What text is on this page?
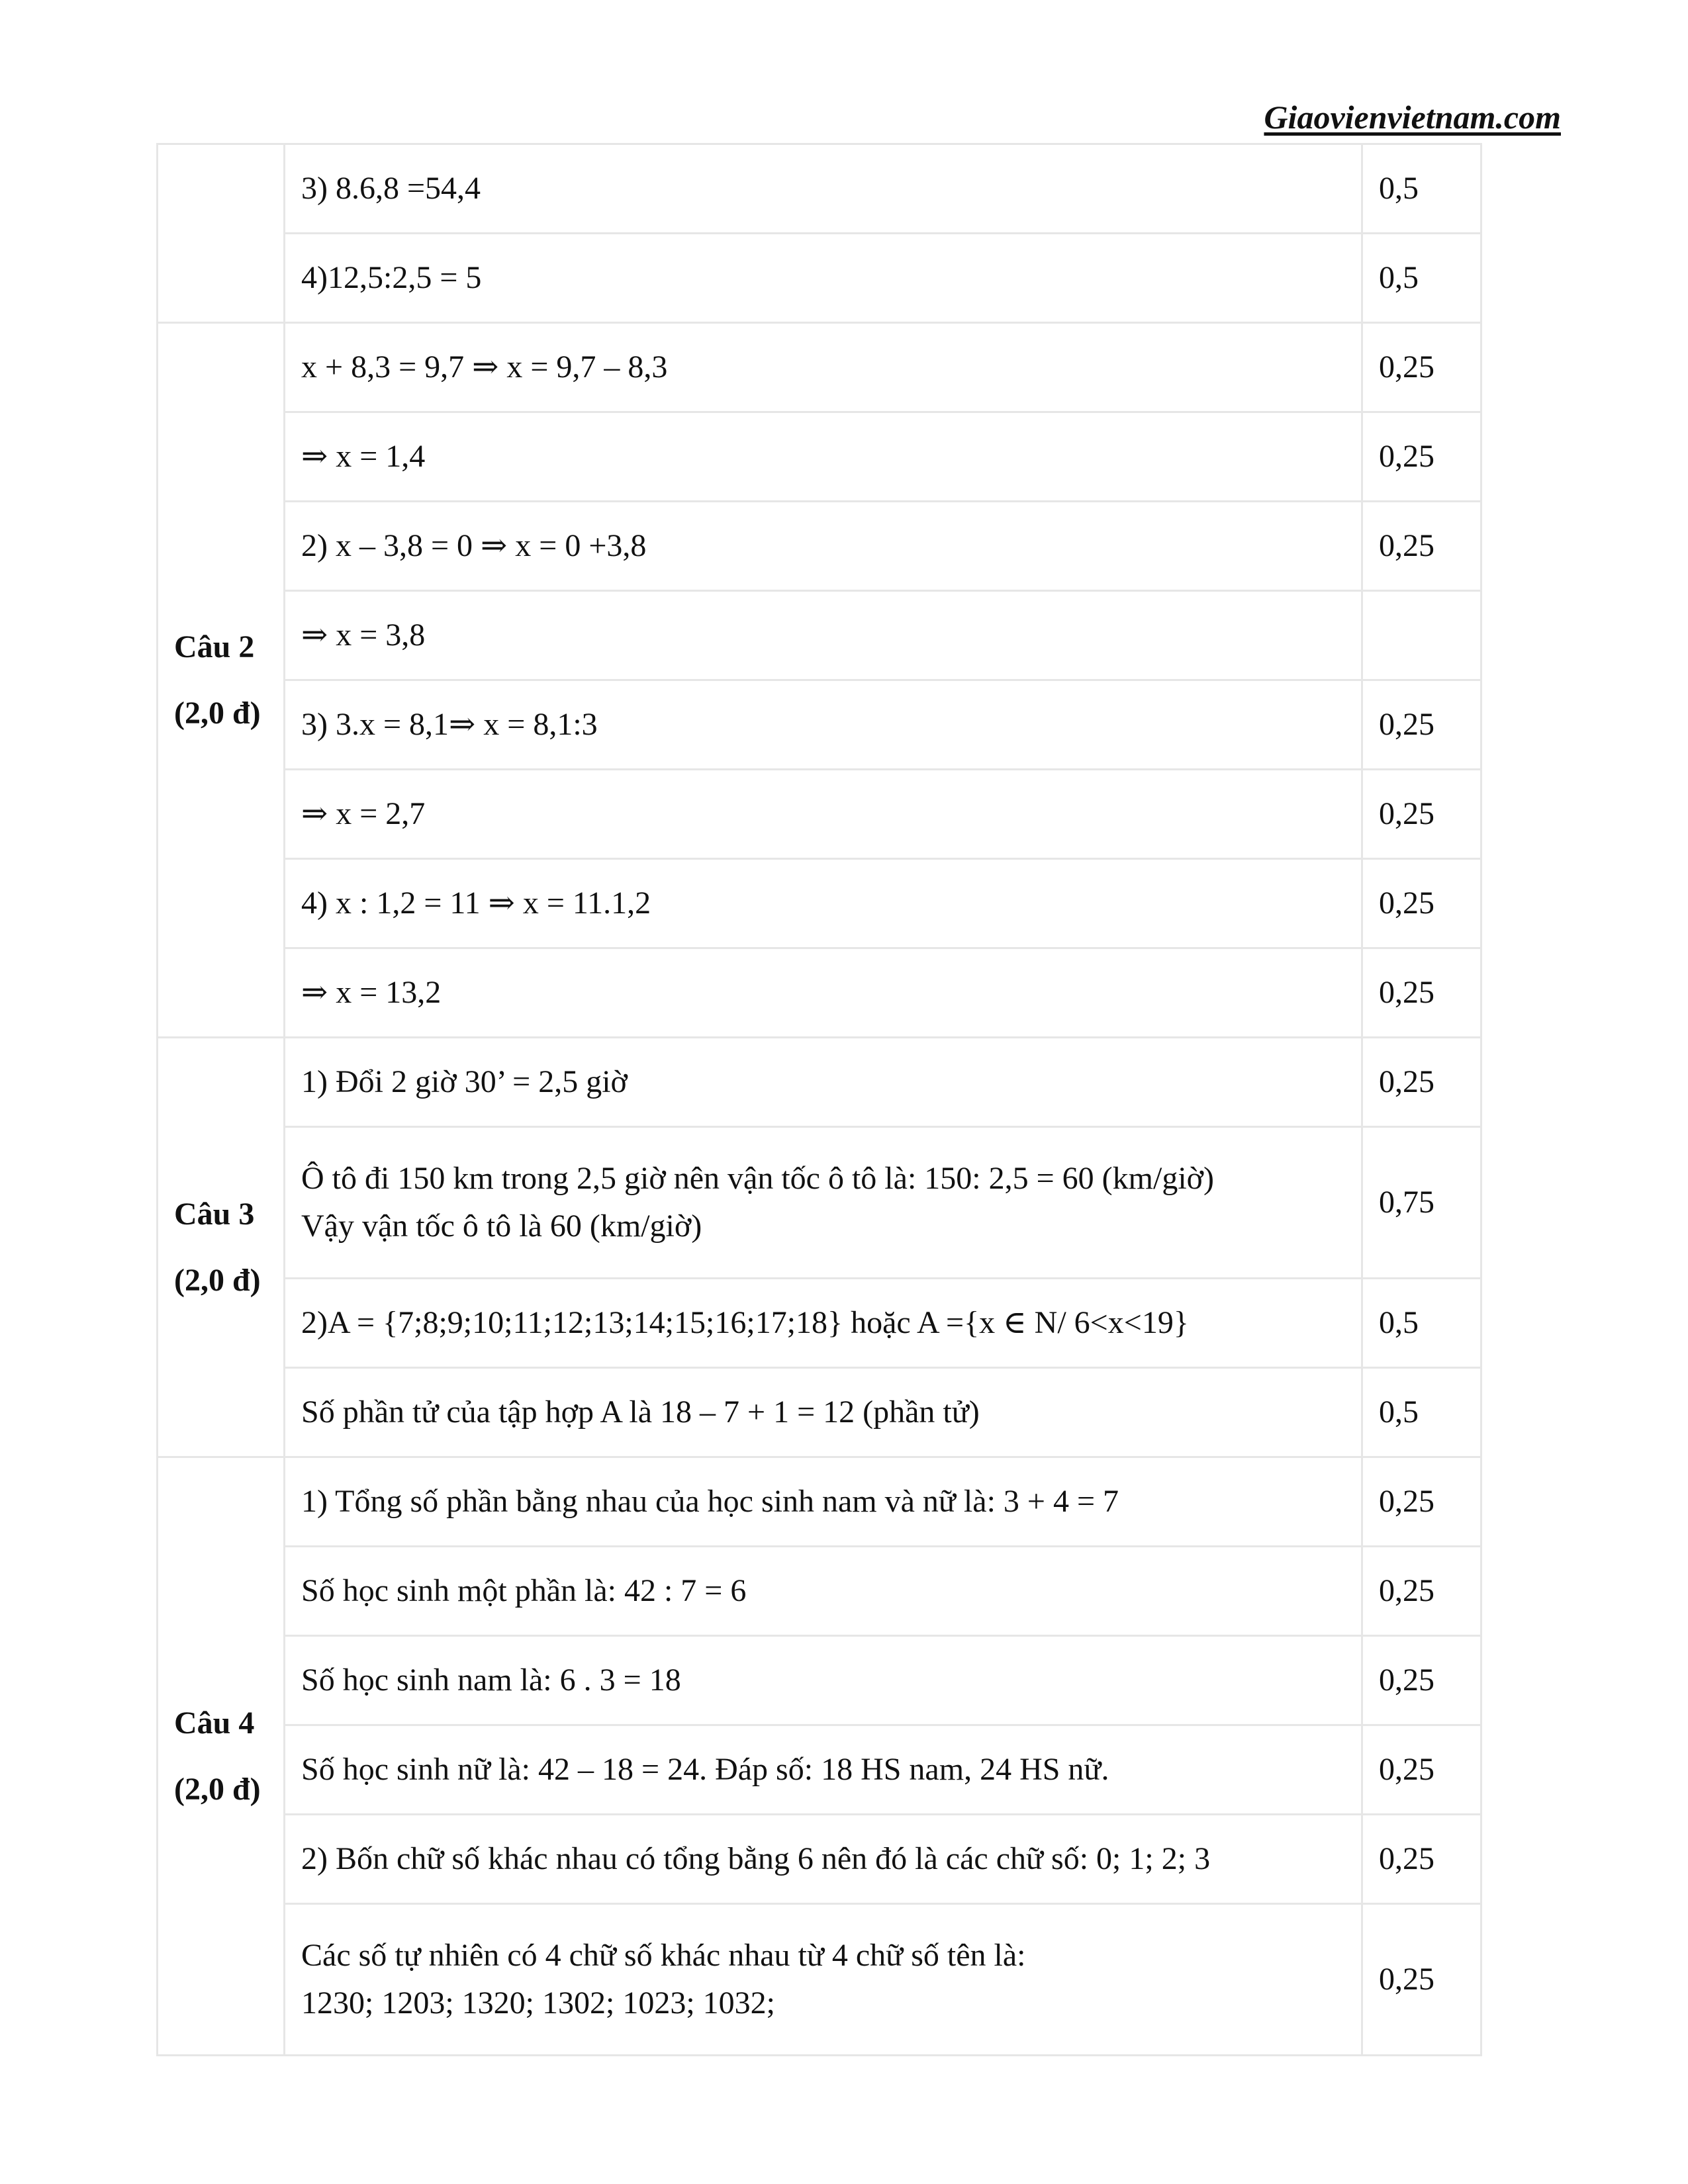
Giaovienvietnam.com

	3) 8.6,8 =54,4	0,5

	4)12,5:2,5 = 5	0,5

Câu 2
(2,0 đ)	x + 8,3 = 9,7 ⇒ x = 9,7 – 8,3	0,25

	⇒ x = 1,4	0,25

	2) x – 3,8 = 0 ⇒ x = 0 +3,8	0,25

	⇒ x = 3,8	

	3) 3.x = 8,1⇒ x = 8,1:3	0,25

	⇒ x = 2,7	0,25

	4) x : 1,2 = 11 ⇒ x = 11.1,2	0,25

	⇒ x = 13,2	0,25

Câu 3
(2,0 đ)	1) Đổi 2 giờ 30’ = 2,5 giờ	0,25

	Ô tô đi 150 km trong 2,5 giờ nên vận tốc ô tô là: 150: 2,5 = 60 (km/giờ)
Vậy vận tốc ô tô là 60 (km/giờ)	0,75

	2)A = {7;8;9;10;11;12;13;14;15;16;17;18} hoặc A ={x ∈ N/ 6<x<19}	0,5

	Số phần tử của tập hợp A là 18 – 7 + 1 = 12 (phần tử)	0,5

Câu 4
(2,0 đ)	1) Tổng số phần bằng nhau của học sinh nam và nữ là: 3 + 4 = 7	0,25

	Số học sinh một phần là: 42 : 7 = 6	0,25

	Số học sinh nam là: 6 . 3 = 18	0,25

	Số học sinh nữ là: 42 – 18 = 24. Đáp số: 18 HS nam, 24 HS nữ.	0,25

	2) Bốn chữ số khác nhau có tổng bằng 6 nên đó là các chữ số: 0; 1; 2; 3	0,25

	Các số tự nhiên có 4 chữ số khác nhau từ 4 chữ số tên là:
1230; 1203; 1320; 1302; 1023; 1032;	0,25
